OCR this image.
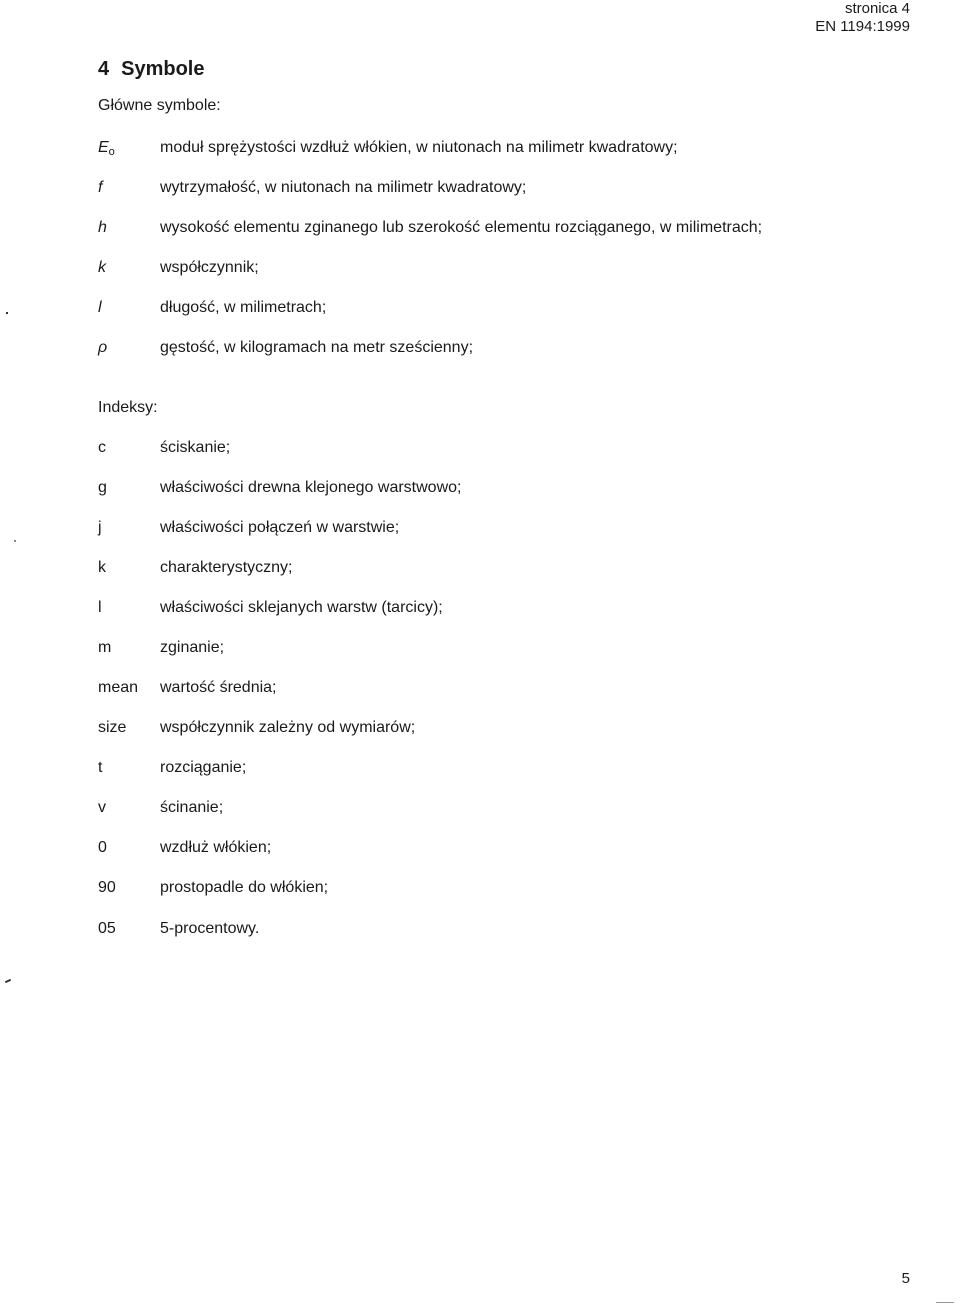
stronica 4
EN 1194:1999
4 Symbole
Główne symbole:
$E_o$	moduł sprężystości wzdłuż włókien, w niutonach na milimetr kwadratowy;
f	wytrzymałość, w niutonach na milimetr kwadratowy;
h	wysokość elementu zginanego lub szerokość elementu rozciąganego, w milimetrach;
k	współczynnik;
l	długość, w milimetrach;
ρ	gęstość, w kilogramach na metr sześcienny;
Indeksy:
c	ściskanie;
g	właściwości drewna klejonego warstwowo;
j	właściwości połączeń w warstwie;
k	charakterystyczny;
l	właściwości sklejanych warstw (tarcicy);
m	zginanie;
mean	wartość średnia;
size	współczynnik zależny od wymiarów;
t	rozciąganie;
v	ścinanie;
0	wzdłuż włókien;
90	prostopadle do włókien;
05	5-procentowy.
5
